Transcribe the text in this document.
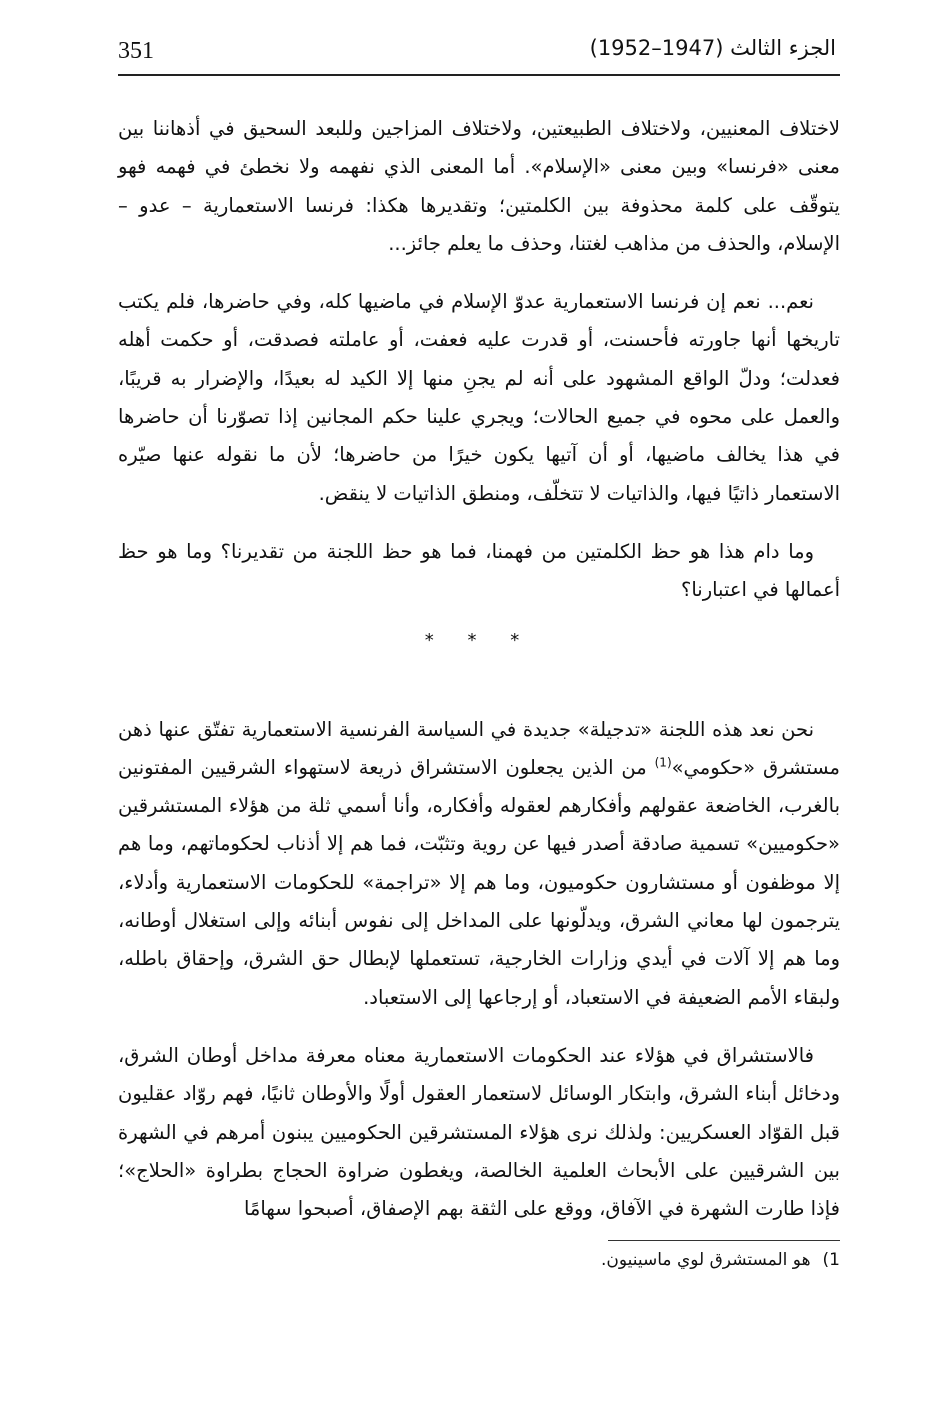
351	الجزء الثالث (1947–1952)

لاختلاف المعنيين، ولاختلاف الطبيعتين، ولاختلاف المزاجين وللبعد السحيق في أذهاننا بين معنى «فرنسا» وبين معنى «الإسلام». أما المعنى الذي نفهمه ولا نخطئ في فهمه فهو يتوقّف على كلمة محذوفة بين الكلمتين؛ وتقديرها هكذا: فرنسا الاستعمارية – عدو – الإسلام، والحذف من مذاهب لغتنا، وحذف ما يعلم جائز...

نعم... نعم إن فرنسا الاستعمارية عدوّ الإسلام في ماضيها كله، وفي حاضرها، فلم يكتب تاريخها أنها جاورته فأحسنت، أو قدرت عليه فعفت، أو عاملته فصدقت، أو حكمت أهله فعدلت؛ ودلّ الواقع المشهود على أنه لم يجنِ منها إلا الكيد له بعيدًا، والإضرار به قريبًا، والعمل على محوه في جميع الحالات؛ ويجري علينا حكم المجانين إذا تصوّرنا أن حاضرها في هذا يخالف ماضيها، أو أن آتيها يكون خيرًا من حاضرها؛ لأن ما نقوله عنها صيّره الاستعمار ذاتيًا فيها، والذاتيات لا تتخلّف، ومنطق الذاتيات لا ينقض.

وما دام هذا هو حظ الكلمتين من فهمنا، فما هو حظ اللجنة من تقديرنا؟ وما هو حظ أعمالها في اعتبارنا؟

* * *

نحن نعد هذه اللجنة «تدجيلة» جديدة في السياسة الفرنسية الاستعمارية تفتّق عنها ذهن مستشرق «حكومي»$^{(1)}$ من الذين يجعلون الاستشراق ذريعة لاستهواء الشرقيين المفتونين بالغرب، الخاضعة عقولهم وأفكارهم لعقوله وأفكاره، وأنا أسمي ثلة من هؤلاء المستشرقين «حكوميين» تسمية صادقة أصدر فيها عن روية وتثبّت، فما هم إلا أذناب لحكوماتهم، وما هم إلا موظفون أو مستشارون حكوميون، وما هم إلا «تراجمة» للحكومات الاستعمارية وأدلاء، يترجمون لها معاني الشرق، ويدلّونها على المداخل إلى نفوس أبنائه وإلى استغلال أوطانه، وما هم إلا آلات في أيدي وزارات الخارجية، تستعملها لإبطال حق الشرق، وإحقاق باطله، ولبقاء الأمم الضعيفة في الاستعباد، أو إرجاعها إلى الاستعباد.

فالاستشراق في هؤلاء عند الحكومات الاستعمارية معناه معرفة مداخل أوطان الشرق، ودخائل أبناء الشرق، وابتكار الوسائل لاستعمار العقول أولًا والأوطان ثانيًا، فهم روّاد عقليون قبل القوّاد العسكريين: ولذلك نرى هؤلاء المستشرقين الحكوميين يبنون أمرهم في الشهرة بين الشرقيين على الأبحاث العلمية الخالصة، ويغطون ضراوة الحجاج بطراوة «الحلاج»؛ فإذا طارت الشهرة في الآفاق، ووقع على الثقة بهم الإصفاق، أصبحوا سهامًا

1)هو المستشرق لوي ماسينيون.
